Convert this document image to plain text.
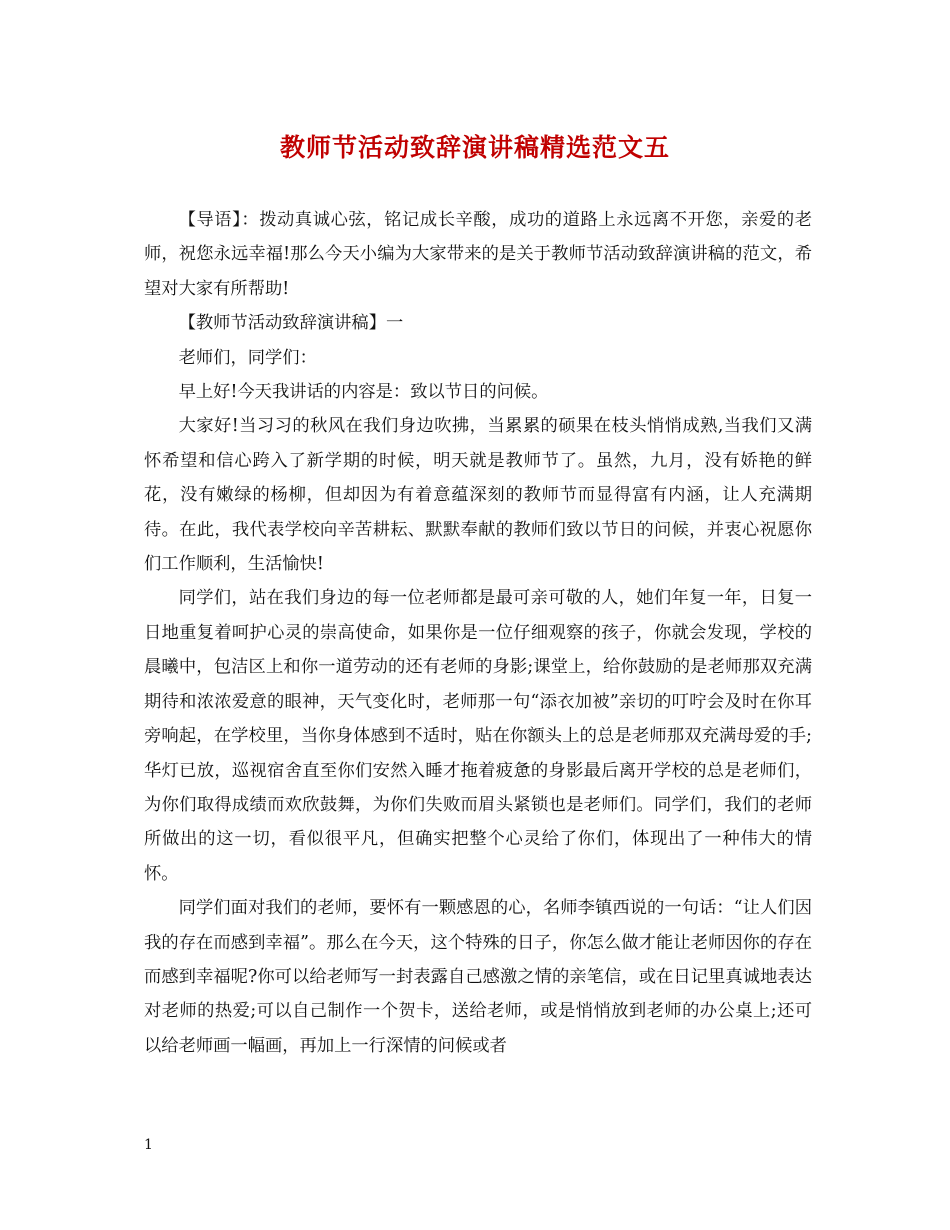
教师节活动致辞演讲稿精选范文五

【导语】：拨动真诚心弦，铭记成长辛酸，成功的道路上永远离不开您，亲爱的老师，祝您永远幸福!那么今天小编为大家带来的是关于教师节活动致辞演讲稿的范文，希望对大家有所帮助!

【教师节活动致辞演讲稿】一

老师们，同学们：

早上好!今天我讲话的内容是：致以节日的问候。

大家好!当习习的秋风在我们身边吹拂，当累累的硕果在枝头悄悄成熟,当我们又满怀希望和信心跨入了新学期的时候，明天就是教师节了。虽然，九月，没有娇艳的鲜花，没有嫩绿的杨柳，但却因为有着意蕴深刻的教师节而显得富有内涵，让人充满期待。在此，我代表学校向辛苦耕耘、默默奉献的教师们致以节日的问候，并衷心祝愿你们工作顺利，生活愉快!

同学们，站在我们身边的每一位老师都是最可亲可敬的人，她们年复一年，日复一日地重复着呵护心灵的崇高使命，如果你是一位仔细观察的孩子，你就会发现，学校的晨曦中，包洁区上和你一道劳动的还有老师的身影;课堂上，给你鼓励的是老师那双充满期待和浓浓爱意的眼神，天气变化时，老师那一句“添衣加被”亲切的叮咛会及时在你耳旁响起，在学校里，当你身体感到不适时，贴在你额头上的总是老师那双充满母爱的手;华灯已放，巡视宿舍直至你们安然入睡才拖着疲惫的身影最后离开学校的总是老师们，为你们取得成绩而欢欣鼓舞，为你们失败而眉头紧锁也是老师们。同学们，我们的老师所做出的这一切，看似很平凡，但确实把整个心灵给了你们，体现出了一种伟大的情怀。

同学们面对我们的老师，要怀有一颗感恩的心，名师李镇西说的一句话：“让人们因我的存在而感到幸福”。那么在今天，这个特殊的日子，你怎么做才能让老师因你的存在而感到幸福呢?你可以给老师写一封表露自己感激之情的亲笔信，或在日记里真诚地表达对老师的热爱;可以自己制作一个贺卡，送给老师，或是悄悄放到老师的办公桌上;还可以给老师画一幅画，再加上一行深情的问候或者

1
